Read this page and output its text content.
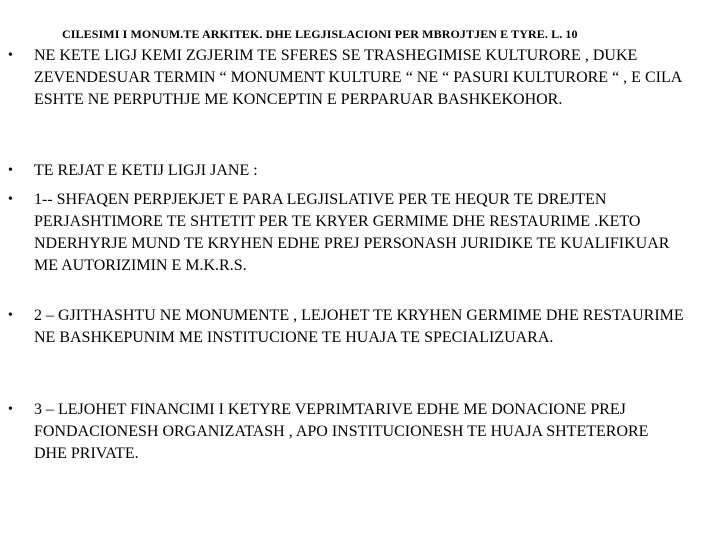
CILESIMI I MONUM.TE ARKITEK. DHE LEGJISLACIONI PER MBROJTJEN E TYRE. L. 10
• NE KETE LIGJ KEMI ZGJERIM TE SFERES SE TRASHEGIMISE KULTURORE , DUKE ZEVENDESUAR TERMIN “ MONUMENT KULTURE “ NE “ PASURI KULTURORE “ , E CILA ESHTE NE PERPUTHJE ME KONCEPTIN E PERPARUAR BASHKEKOHOR.
• TE REJAT E KETIJ LIGJI JANE :
• 1-- SHFAQEN PERPJEKJET E PARA LEGJISLATIVE PER TE HEQUR TE DREJTEN PERJASHTIMORE TE SHTETIT PER TE KRYER GERMIME DHE RESTAURIME .KETO NDERHYRJE MUND TE KRYHEN EDHE PREJ PERSONASH JURIDIKE TE KUALIFIKUAR ME AUTORIZIMIN E M.K.R.S.
• 2 – GJITHASHTU NE MONUMENTE , LEJOHET TE KRYHEN GERMIME DHE RESTAURIME NE BASHKEPUNIM ME INSTITUCIONE TE HUAJA TE SPECIALIZUARA.
• 3 – LEJOHET FINANCIMI I KETYRE VEPRIMTARIVE EDHE ME DONACIONE PREJ FONDACIONESH ORGANIZATASH , APO INSTITUCIONESH TE HUAJA SHTETERORE DHE PRIVATE.
